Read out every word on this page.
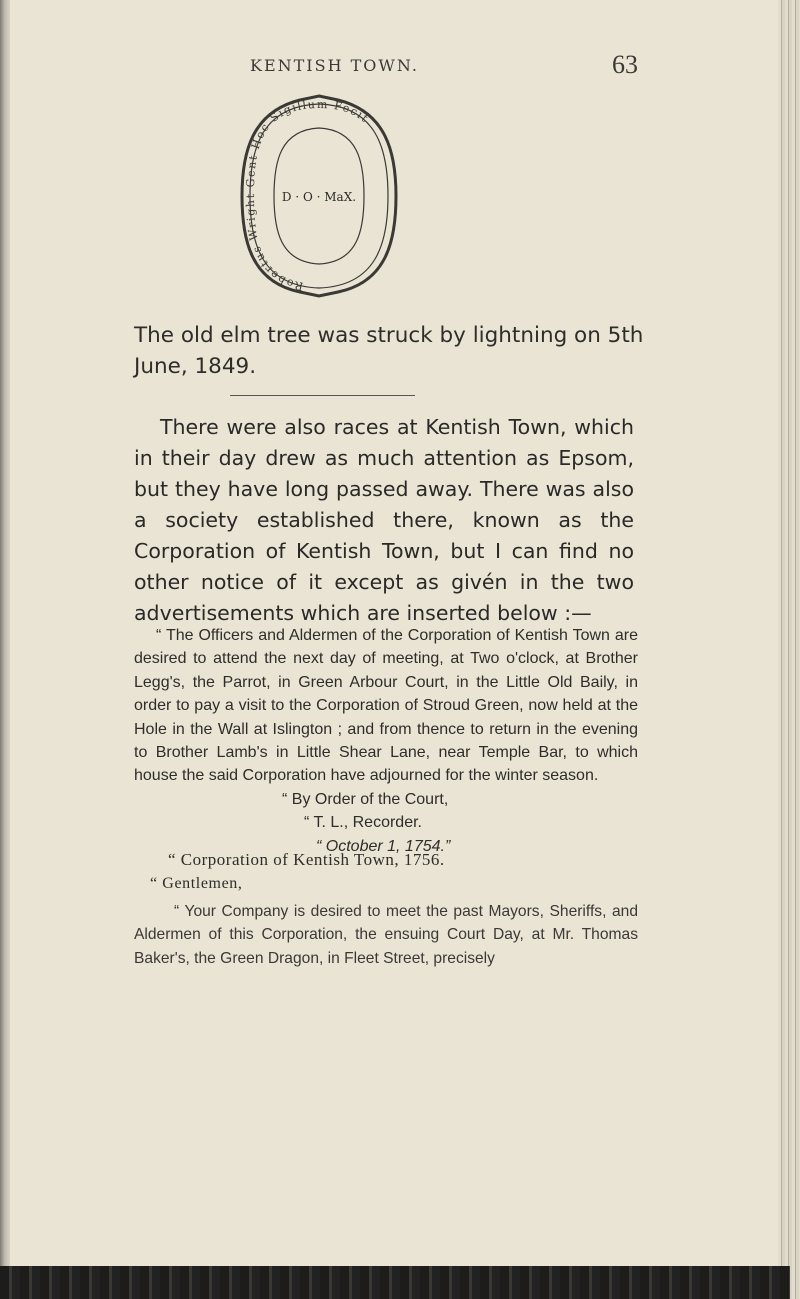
KENTISH TOWN.	63
Robertus Wright Gent Hoc Sigillum Fecit
D · O · MaX.
The old elm tree was struck by lightning on 5th June, 1849.

There were also races at Kentish Town, which in their day drew as much attention as Epsom, but they have long passed away. There was also a society established there, known as the Corporation of Kentish Town, but I can find no other notice of it except as givén in the two advertisements which are inserted below :—

“ The Officers and Aldermen of the Corporation of Kentish Town are desired to attend the next day of meeting, at Two o'clock, at Brother Legg's, the Parrot, in Green Arbour Court, in the Little Old Baily, in order to pay a visit to the Corporation of Stroud Green, now held at the Hole in the Wall at Islington ; and from thence to return in the evening to Brother Lamb's in Little Shear Lane, near Temple Bar, to which house the said Corporation have adjourned for the winter season.

“ By Order of the Court,

“ T. L., Recorder.

“ October 1, 1754.”

“ Corporation of Kentish Town, 1756.
“ Gentlemen,

“ Your Company is desired to meet the past Mayors, Sheriffs, and Aldermen of this Corporation, the ensuing Court Day, at Mr. Thomas Baker's, the Green Dragon, in Fleet Street, precisely
